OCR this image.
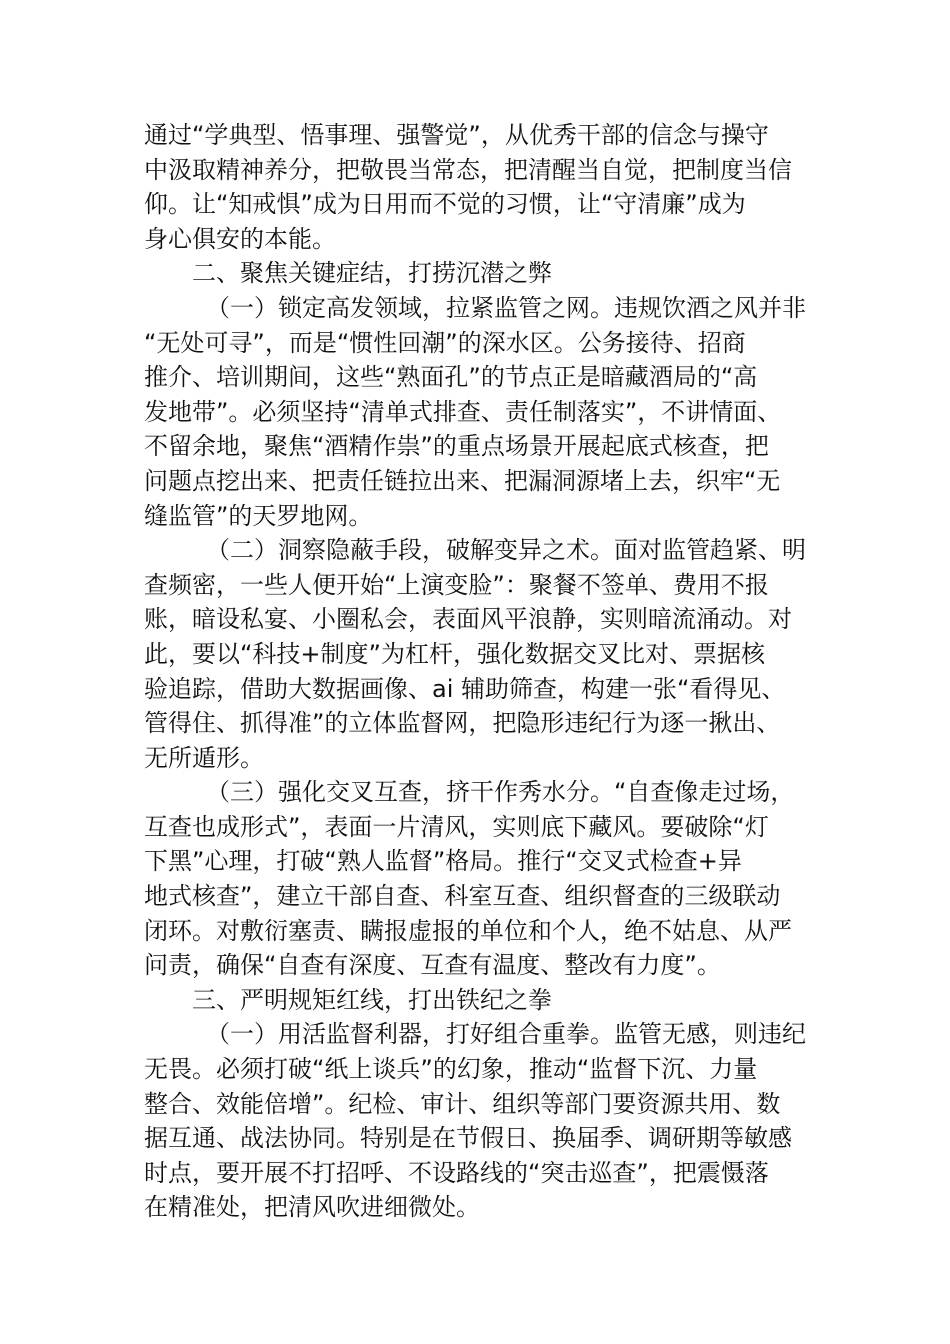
通过“学典型、悟事理、强警觉”，从优秀干部的信念与操守
中汲取精神养分，把敬畏当常态，把清醒当自觉，把制度当信
仰。让“知戒惧”成为日用而不觉的习惯，让“守清廉”成为
身心俱安的本能。

二、聚焦关键症结，打捞沉潜之弊

（一）锁定高发领域，拉紧监管之网。违规饮酒之风并非
“无处可寻”，而是“惯性回潮”的深水区。公务接待、招商
推介、培训期间，这些“熟面孔”的节点正是暗藏酒局的“高
发地带”。必须坚持“清单式排查、责任制落实”，不讲情面、
不留余地，聚焦“酒精作祟”的重点场景开展起底式核查，把
问题点挖出来、把责任链拉出来、把漏洞源堵上去，织牢“无
缝监管”的天罗地网。

（二）洞察隐蔽手段，破解变异之术。面对监管趋紧、明
查频密，一些人便开始“上演变脸”：聚餐不签单、费用不报
账，暗设私宴、小圈私会，表面风平浪静，实则暗流涌动。对
此，要以“科技+制度”为杠杆，强化数据交叉比对、票据核
验追踪，借助大数据画像、ai 辅助筛查，构建一张“看得见、
管得住、抓得准”的立体监督网，把隐形违纪行为逐一揪出、
无所遁形。

（三）强化交叉互查，挤干作秀水分。“自查像走过场，
互查也成形式”，表面一片清风，实则底下藏风。要破除“灯
下黑”心理，打破“熟人监督”格局。推行“交叉式检查+异
地式核查”，建立干部自查、科室互查、组织督查的三级联动
闭环。对敷衍塞责、瞒报虚报的单位和个人，绝不姑息、从严
问责，确保“自查有深度、互查有温度、整改有力度”。

三、严明规矩红线，打出铁纪之拳

（一）用活监督利器，打好组合重拳。监管无感，则违纪
无畏。必须打破“纸上谈兵”的幻象，推动“监督下沉、力量
整合、效能倍增”。纪检、审计、组织等部门要资源共用、数
据互通、战法协同。特别是在节假日、换届季、调研期等敏感
时点，要开展不打招呼、不设路线的“突击巡查”，把震慑落
在精准处，把清风吹进细微处。
